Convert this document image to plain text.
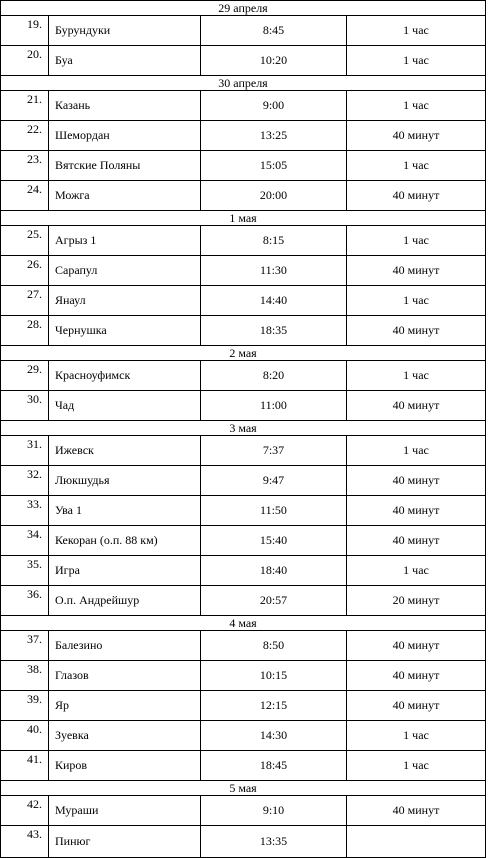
29 апреля			
19.	Бурундуки	8:45	1 час
20.	Буа	10:20	1 час
30 апреля			
21.	Казань	9:00	1 час
22.	Шемордан	13:25	40 минут
23.	Вятские Поляны	15:05	1 час
24.	Можга	20:00	40 минут
1 мая			
25.	Агрыз 1	8:15	1 час
26.	Сарапул	11:30	40 минут
27.	Янаул	14:40	1 час
28.	Чернушка	18:35	40 минут
2 мая			
29.	Красноуфимск	8:20	1 час
30.	Чад	11:00	40 минут
3 мая			
31.	Ижевск	7:37	1 час
32.	Люкшудья	9:47	40 минут
33.	Ува 1	11:50	40 минут
34.	Кекоран (о.п. 88 км)	15:40	40 минут
35.	Игра	18:40	1 час
36.	О.п. Андрейшур	20:57	20 минут
4 мая			
37.	Балезино	8:50	40 минут
38.	Глазов	10:15	40 минут
39.	Яр	12:15	40 минут
40.	Зуевка	14:30	1 час
41.	Киров	18:45	1 час
5 мая			
42.	Мураши	9:10	40 минут
43.	Пинюг	13:35	
